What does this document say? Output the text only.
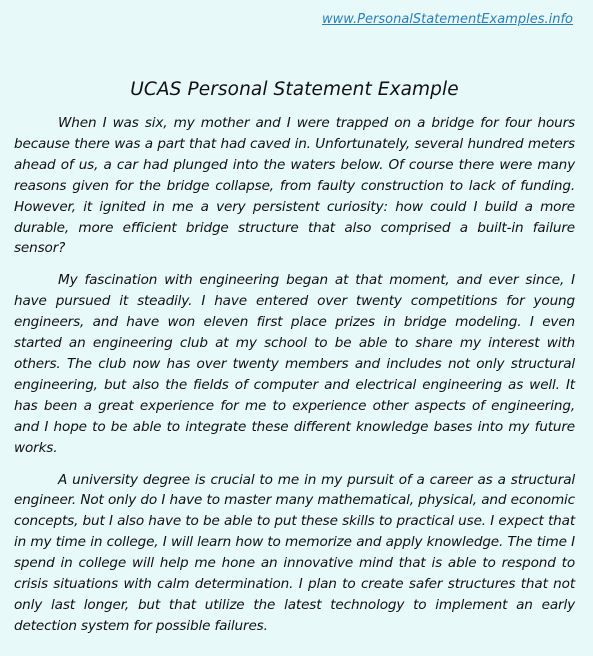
www.PersonalStatementExamples.info
UCAS Personal Statement Example

When I was six, my mother and I were trapped on a bridge for four hours because there was a part that had caved in. Unfortunately, several hundred meters ahead of us, a car had plunged into the waters below. Of course there were many reasons given for the bridge collapse, from faulty construction to lack of funding. However, it ignited in me a very persistent curiosity: how could I build a more durable, more efficient bridge structure that also comprised a built-in failure sensor?

My fascination with engineering began at that moment, and ever since, I have pursued it steadily. I have entered over twenty competitions for young engineers, and have won eleven first place prizes in bridge modeling. I even started an engineering club at my school to be able to share my interest with others. The club now has over twenty members and includes not only structural engineering, but also the fields of computer and electrical engineering as well. It has been a great experience for me to experience other aspects of engineering, and I hope to be able to integrate these different knowledge bases into my future works.

A university degree is crucial to me in my pursuit of a career as a structural engineer. Not only do I have to master many mathematical, physical, and economic concepts, but I also have to be able to put these skills to practical use. I expect that in my time in college, I will learn how to memorize and apply knowledge. The time I spend in college will help me hone an innovative mind that is able to respond to crisis situations with calm determination. I plan to create safer structures that not only last longer, but that utilize the latest technology to implement an early detection system for possible failures.
